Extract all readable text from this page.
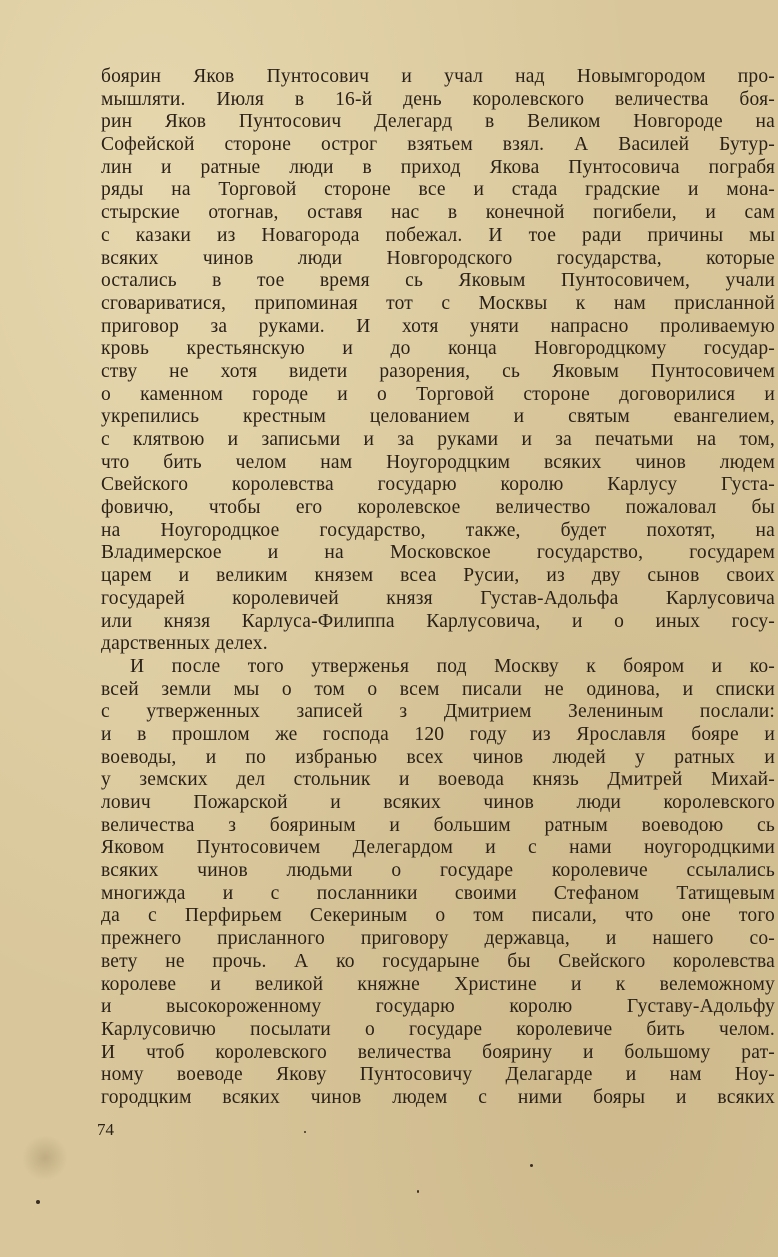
боярин Яков Пунтосович и учал над Новымгородом про-
мышляти. Июля в 16-й день королевского величества боя-
рин Яков Пунтосович Делегард в Великом Новгороде на
Софейской стороне острог взятьем взял. А Василей Бутур-
лин и ратные люди в приход Якова Пунтосовича пограбя
ряды на Торговой стороне все и стада градские и мона-
стырские отогнав, оставя нас в конечной погибели, и сам
с казаки из Новагорода побежал. И тое ради причины мы
всяких чинов люди Новгородского государства, которые
остались в тое время сь Яковым Пунтосовичем, учали
сговариватися, припоминая тот с Москвы к нам присланной
приговор за руками. И хотя уняти напрасно проливаемую
кровь крестьянскую и до конца Новгородцкому государ-
ству не хотя видети разорения, сь Яковым Пунтосовичем
о каменном городе и о Торговой стороне договорилися и
укрепились крестным целованием и святым евангелием,
с клятвою и записьми и за руками и за печатьми на том,
что бить челом нам Ноугородцким всяких чинов людем
Свейского королевства государю королю Карлусу Густа-
фовичю, чтобы его королевское величество пожаловал бы
на Ноугородцкое государство, также, будет похотят, на
Владимерское и на Московское государство, государем
царем и великим князем всеа Русии, из дву сынов своих
государей королевичей князя Густав-Адольфа Карлусовича
или князя Карлуса-Филиппа Карлусовича, и о иных госу-
дарственных делех.
И после того утверженья под Москву к бояром и ко-
всей земли мы о том о всем писали не одинова, и списки
с утверженных записей з Дмитрием Зелениным послали:
и в прошлом же господа 120 году из Ярославля бояре и
воеводы, и по избранью всех чинов людей у ратных и
у земских дел стольник и воевода князь Дмитрей Михай-
лович Пожарской и всяких чинов люди королевского
величества з бояриным и большим ратным воеводою сь
Яковом Пунтосовичем Делегардом и с нами ноугородцкими
всяких чинов людьми о государе королевиче ссылались
многижда и с посланники своими Стефаном Татищевым
да с Перфирьем Секериным о том писали, что оне того
прежнего присланного приговору державца, и нашего со-
вету не прочь. А ко государыне бы Свейского королевства
королеве и великой княжне Христине и к велеможному
и высокороженному государю королю Густаву-Адольфу
Карлусовичю посылати о государе королевиче бить челом.
И чтоб королевского величества боярину и большому рат-
ному воеводе Якову Пунтосовичу Делагарде и нам Ноу-
городцким всяких чинов людем с ними бояры и всяких
74
